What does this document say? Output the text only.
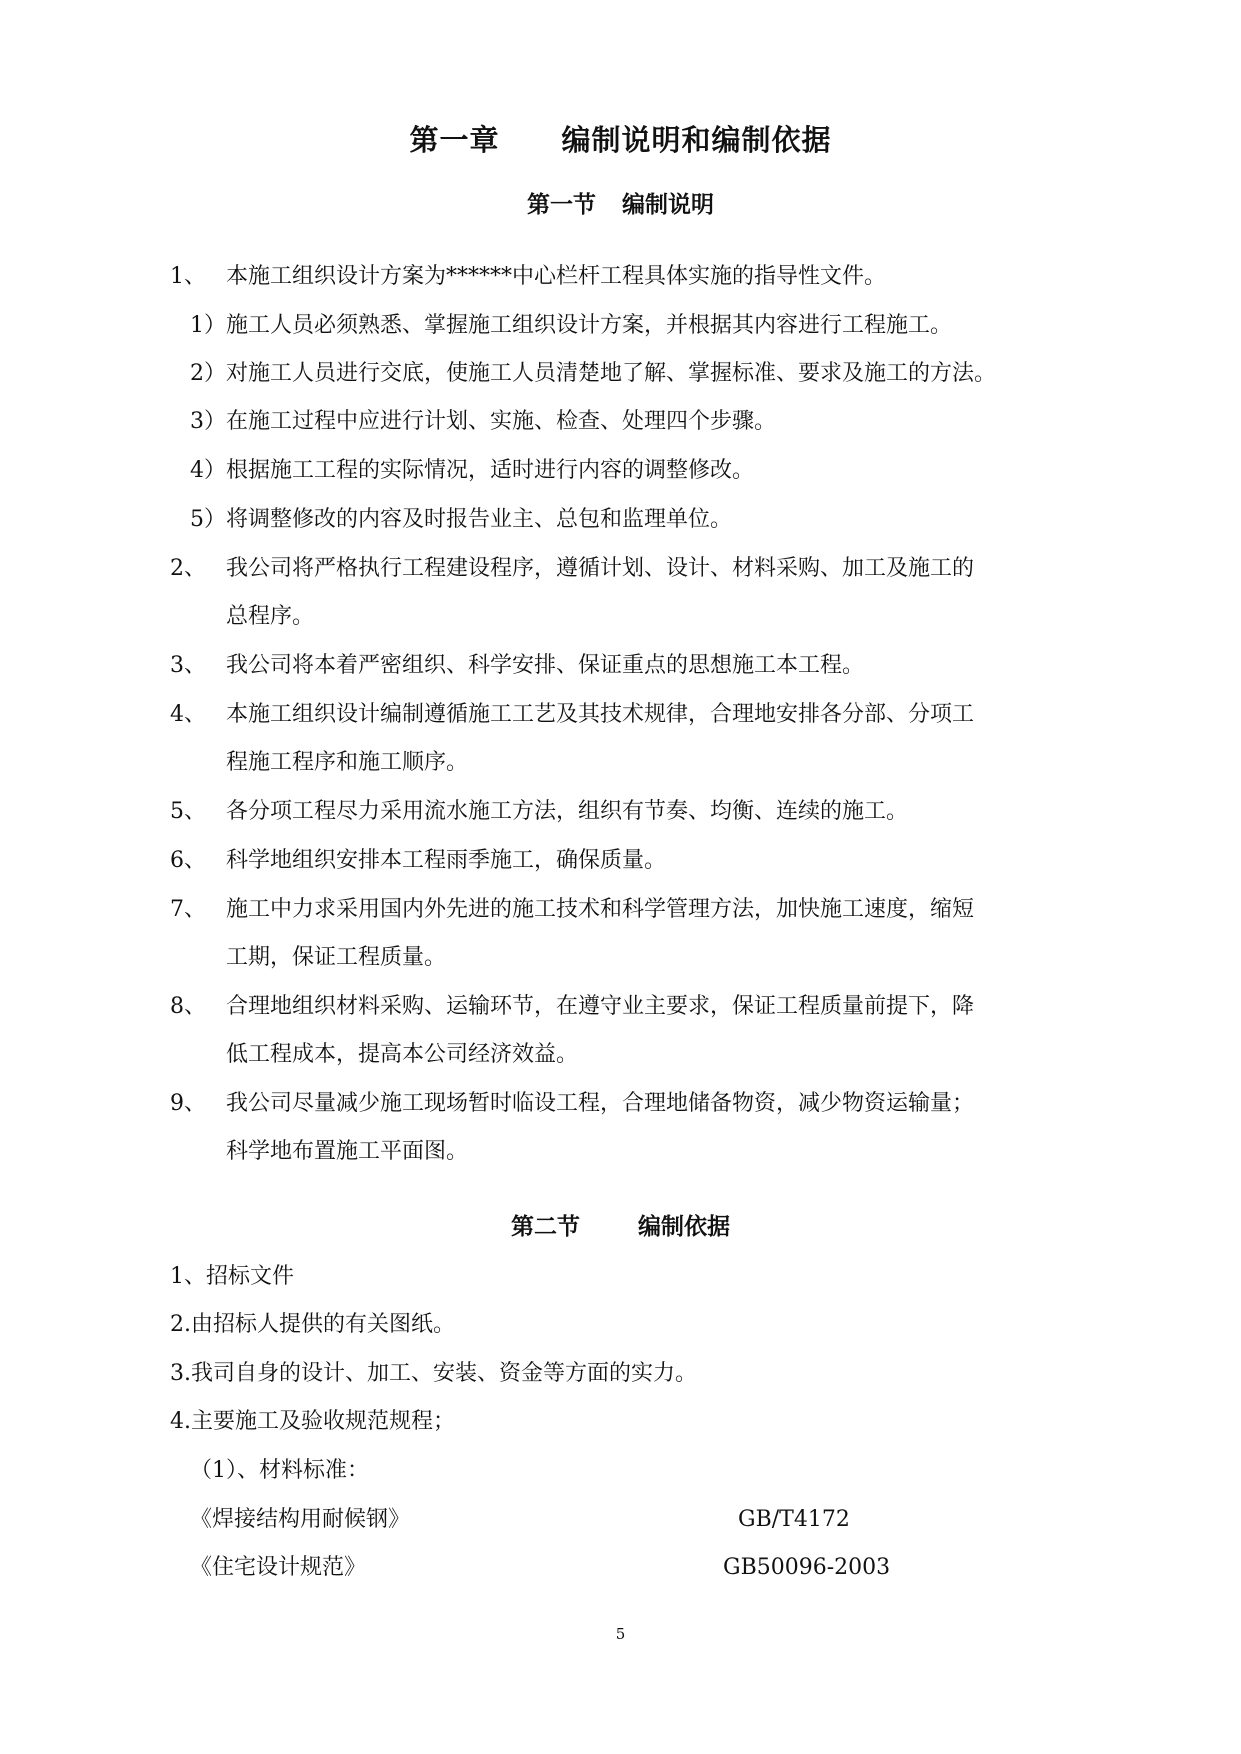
第一章 编制说明和编制依据
第一节 编制说明
1、 本施工组织设计方案为******中心栏杆工程具体实施的指导性文件。
1） 施工人员必须熟悉、掌握施工组织设计方案，并根据其内容进行工程施工。
2） 对施工人员进行交底，使施工人员清楚地了解、掌握标准、要求及施工的方法。
3） 在施工过程中应进行计划、实施、检查、处理四个步骤。
4） 根据施工工程的实际情况，适时进行内容的调整修改。
5） 将调整修改的内容及时报告业主、总包和监理单位。
2、 我公司将严格执行工程建设程序，遵循计划、设计、材料采购、加工及施工的
总程序。
3、 我公司将本着严密组织、科学安排、保证重点的思想施工本工程。
4、 本施工组织设计编制遵循施工工艺及其技术规律，合理地安排各分部、分项工
程施工程序和施工顺序。
5、 各分项工程尽力采用流水施工方法，组织有节奏、均衡、连续的施工。
6、 科学地组织安排本工程雨季施工，确保质量。
7、 施工中力求采用国内外先进的施工技术和科学管理方法，加快施工速度，缩短
工期，保证工程质量。
8、 合理地组织材料采购、运输环节，在遵守业主要求，保证工程质量前提下，降
低工程成本，提高本公司经济效益。
9、 我公司尽量减少施工现场暂时临设工程，合理地储备物资，减少物资运输量；
科学地布置施工平面图。
第二节	编制依据
1、招标文件
2.由招标人提供的有关图纸。
3.我司自身的设计、加工、安装、资金等方面的实力。
4.主要施工及验收规范规程；
（1）、材料标准：
《焊接结构用耐候钢》	GB/T4172
《住宅设计规范》	GB50096-2003
5
